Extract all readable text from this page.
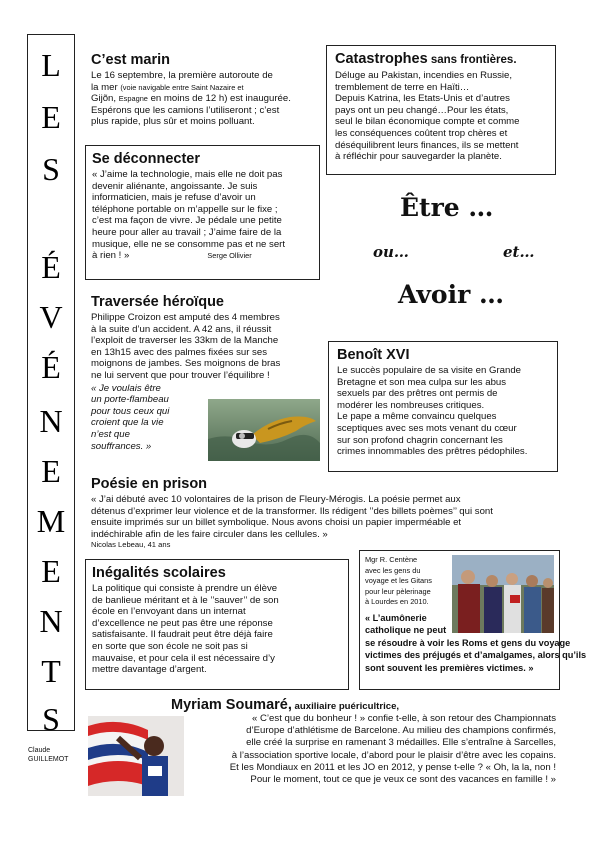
L
E
S
É
V
É
N
E
M
E
N
T
S
Claude
GUILLEMOT

C’est marin

Le 16 septembre, la première autoroute de
la mer (voie navigable entre Saint Nazaire et
Gijõn, Espagne en moins de 12 h) est inaugurée.
Espérons que les camions l’utiliseront ; c’est
plus rapide, plus sûr et moins polluant.

Catastrophes sans frontières.

Déluge au Pakistan, incendies en Russie,
tremblement de terre en Haïti…
Depuis Katrina, les Etats-Unis et d’autres
pays ont un peu changé…Pour les états,
seul le bilan économique compte et comme
les conséquences coûtent trop chères et
déséquilibrent leurs finances, ils se mettent
à réfléchir pour sauvegarder la planète.

Se déconnecter

« J’aime la technologie, mais elle ne doit pas
devenir aliénante, angoissante. Je suis
informaticien, mais je refuse d’avoir un
téléphone portable on m’appelle sur le fixe ;
c’est ma façon de vivre. Je pédale une petite
heure pour aller au travail ; J’aime faire de la
musique, elle ne se consomme pas et ne sert
à rien ! »	Serge Ollivier

Être …
ou…	et…
Avoir …

Traversée héroïque

Philippe Croizon est amputé des 4 membres
à la suite d’un accident. A 42 ans, il réussit
l’exploit de traverser les 33km de la Manche
en 13h15 avec des palmes fixées sur ses
moignons de jambes. Ses moignons de bras
ne lui servent que pour trouver l’équilibre !

« Je voulais être
un porte-flambeau
pour tous ceux qui
croient que la vie
n’est que
souffrances. »

Benoît XVI

Le succès populaire de sa visite en Grande
Bretagne et son mea culpa sur les abus
sexuels par des prêtres ont permis de
modérer les nombreuses critiques.
Le pape a même convaincu quelques
sceptiques avec ses mots venant du cœur
sur son profond chagrin concernant les
crimes innommables des prêtres pédophiles.

Poésie en prison

« J’ai débuté avec 10 volontaires de la prison de Fleury-Mérogis. La poésie permet aux
détenus d’exprimer leur violence et de la transformer. Ils rédigent ’’des billets poèmes’’ qui sont
ensuite imprimés sur un billet symbolique. Nous avons choisi un papier imperméable et
indéchirable afin de les faire circuler dans les cellules. »

Nicolas Lebeau, 41 ans

Inégalités scolaires

La politique qui consiste à prendre un élève
de banlieue méritant et à le ’’sauver’’ de son
école en l’envoyant dans un internat
d’excellence ne peut pas être une réponse
satisfaisante. Il faudrait peut être déjà faire
en sorte que son école ne soit pas si
mauvaise, et pour cela il est nécessaire d’y
mettre davantage d’argent.

Mgr R. Centène
avec les gens du
voyage et les Gitans
pour leur pèlerinage
à Lourdes en 2010.
« L’aumônerie
catholique ne peut
se résoudre à voir les Roms et gens du voyage
victimes des préjugés et d’amalgames, alors qu’ils
sont souvent les premières victimes. »
Myriam Soumaré, auxiliaire puéricultrice,

« C’est que du bonheur ! » confie t-elle, à son retour des Championnats
d’Europe d’athlétisme de Barcelone. Au milieu des champions confirmés,
elle créé la surprise en ramenant 3 médailles. Elle s’entraîne à Sarcelles,
à l’association sportive locale, d’abord pour le plaisir d’être avec les copains.
Et les Mondiaux en 2011 et les JO en 2012, y pense t-elle ? « Oh, la la, non !
Pour le moment, tout ce que je veux ce sont des vacances en famille ! »
